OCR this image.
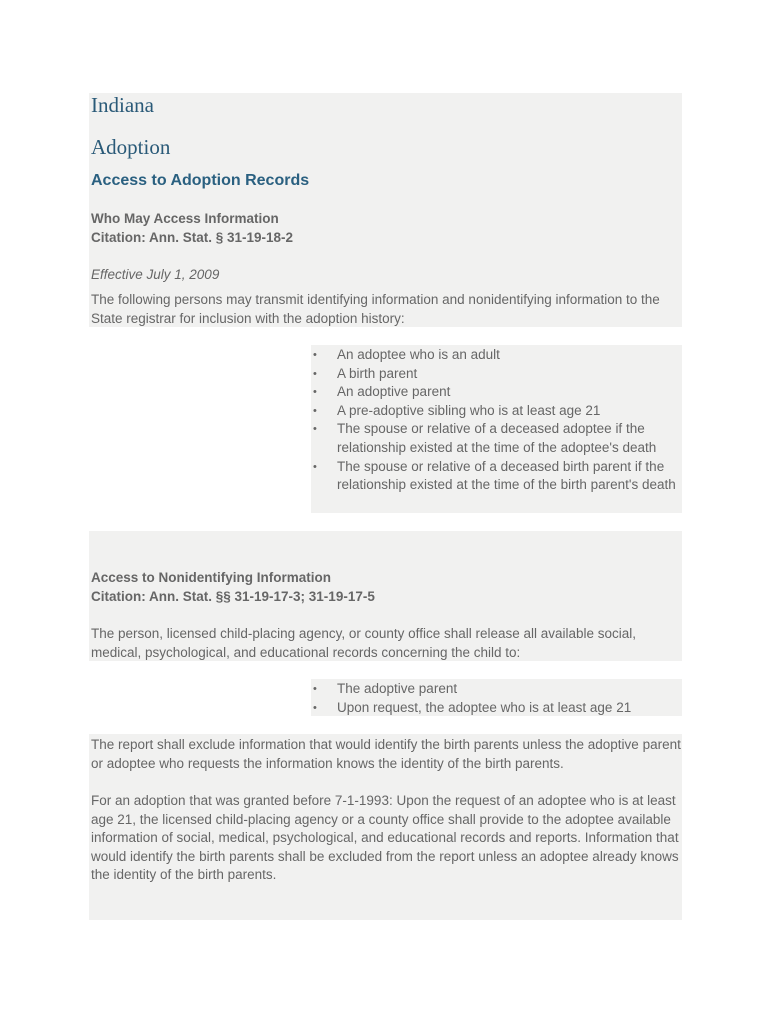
Indiana
Adoption
Access to Adoption Records

Who May Access Information

Citation: Ann. Stat. § 31-19-18-2

Effective July 1, 2009

The following persons may transmit identifying information and nonidentifying information to the State registrar for inclusion with the adoption history:

• An adoptee who is an adult
• A birth parent
• An adoptive parent
• A pre-adoptive sibling who is at least age 21
• The spouse or relative of a deceased adoptee if the relationship existed at the time of the adoptee's death
• The spouse or relative of a deceased birth parent if the relationship existed at the time of the birth parent's death

Access to Nonidentifying Information

Citation: Ann. Stat. §§ 31-19-17-3; 31-19-17-5

The person, licensed child-placing agency, or county office shall release all available social, medical, psychological, and educational records concerning the child to:

• The adoptive parent
• Upon request, the adoptee who is at least age 21

The report shall exclude information that would identify the birth parents unless the adoptive parent or adoptee who requests the information knows the identity of the birth parents.

For an adoption that was granted before 7-1-1993: Upon the request of an adoptee who is at least age 21, the licensed child-placing agency or a county office shall provide to the adoptee available information of social, medical, psychological, and educational records and reports. Information that would identify the birth parents shall be excluded from the report unless an adoptee already knows the identity of the birth parents.
